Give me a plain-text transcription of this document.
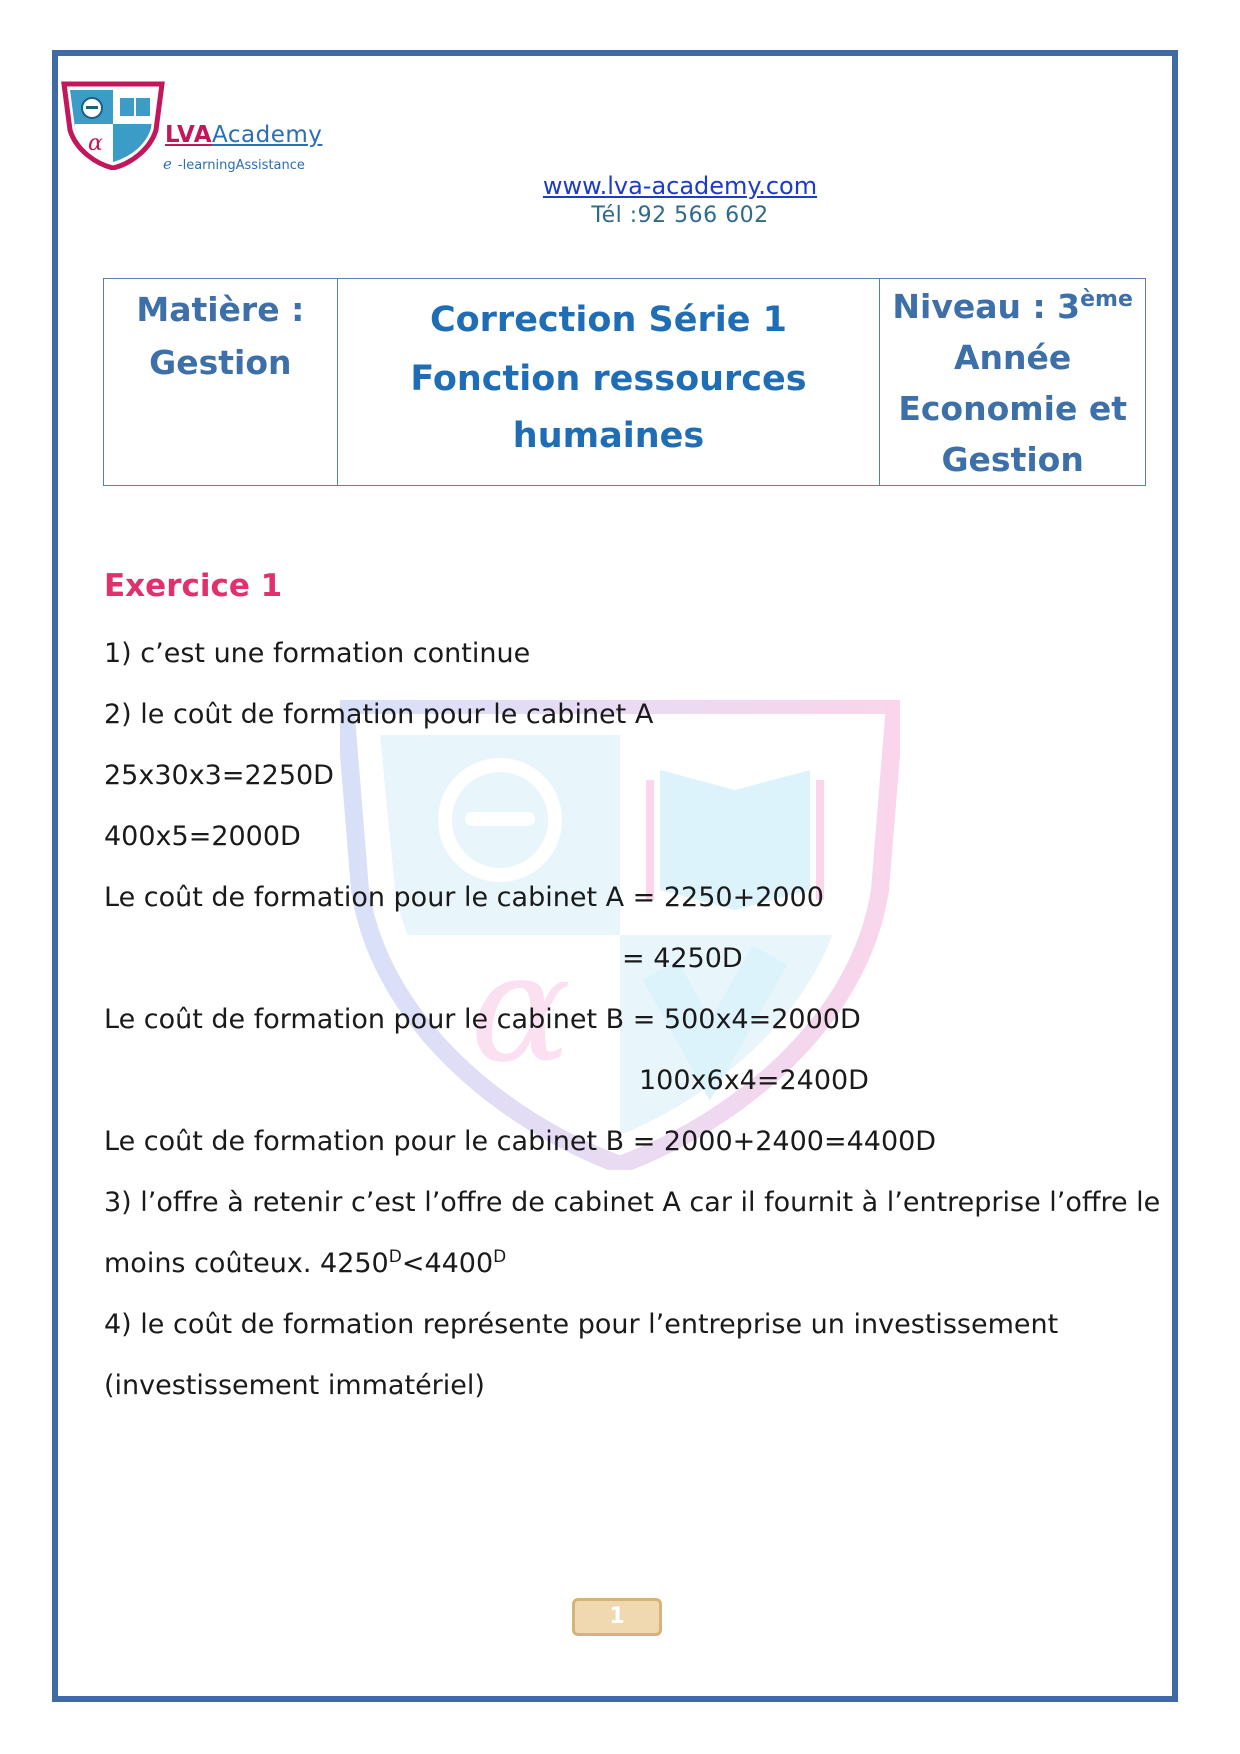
α	LVAAcademy
e -learningAssistance
www.lva-academy.com
Tél :92 566 602
Matière :
Gestion

Correction Série 1
Fonction ressources
humaines

Niveau : 3ème
Année
Economie et
Gestion
α
Exercice 1
1) c’est une formation continue
2) le coût de formation pour le cabinet A
25x30x3=2250D
400x5=2000D
Le coût de formation pour le cabinet A = 2250+2000
= 4250D
Le coût de formation pour le cabinet B = 500x4=2000D
100x6x4=2400D
Le coût de formation pour le cabinet B = 2000+2400=4400D
3) l’offre à retenir c’est l’offre de cabinet A car il fournit à l’entreprise l’offre le
moins coûteux. $4250^D<4400^D$
4) le coût de formation représente pour l’entreprise un investissement
(investissement immatériel)
1
